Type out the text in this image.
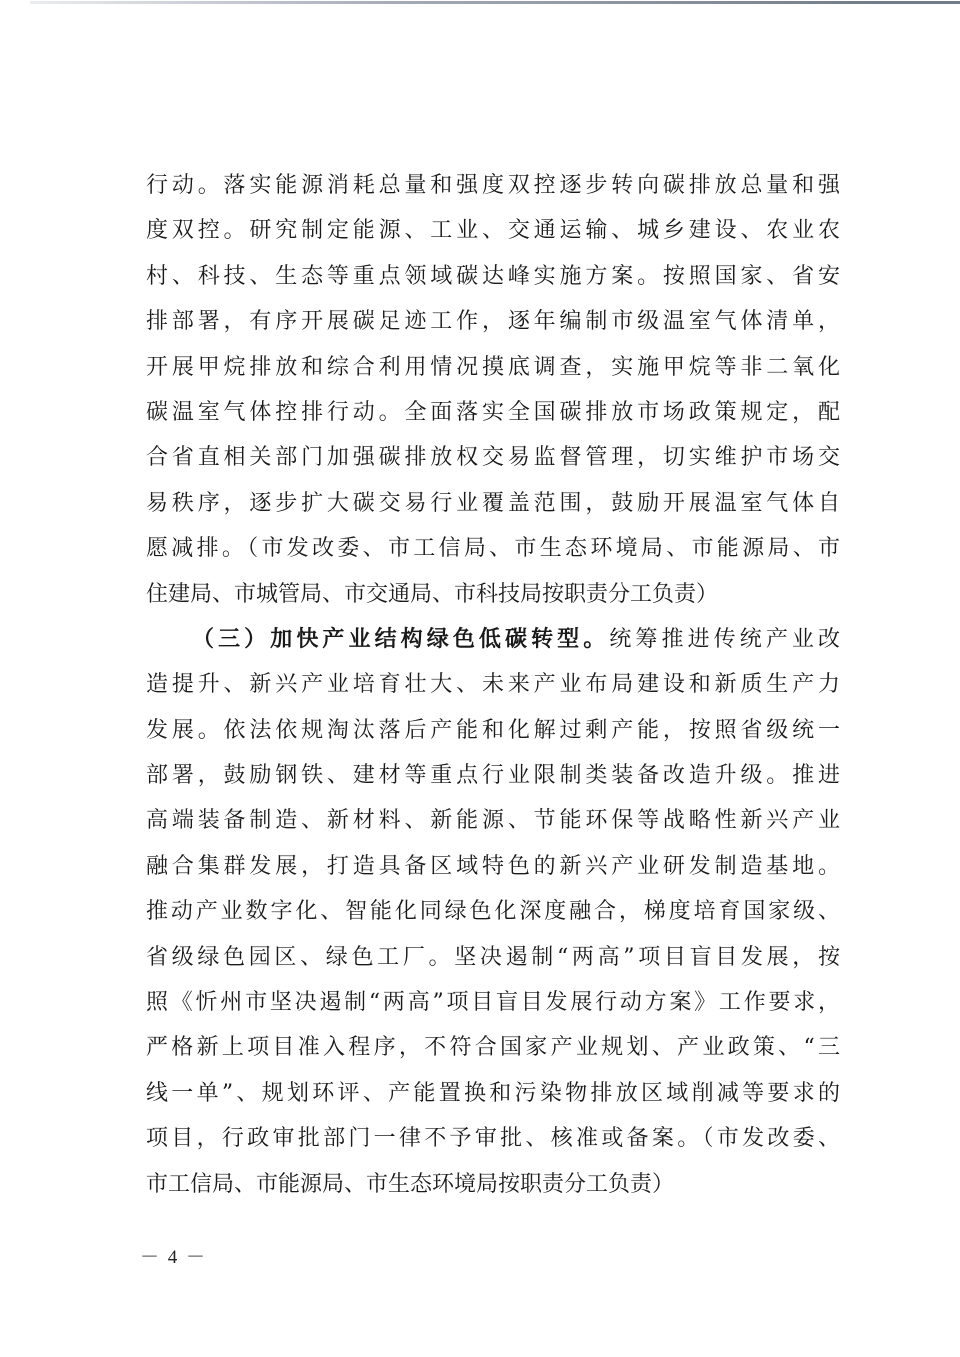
行动。落实能源消耗总量和强度双控逐步转向碳排放总量和强
度双控。研究制定能源、工业、交通运输、城乡建设、农业农
村、科技、生态等重点领域碳达峰实施方案。按照国家、省安
排部署，有序开展碳足迹工作，逐年编制市级温室气体清单，
开展甲烷排放和综合利用情况摸底调查，实施甲烷等非二氧化
碳温室气体控排行动。全面落实全国碳排放市场政策规定，配
合省直相关部门加强碳排放权交易监督管理，切实维护市场交
易秩序，逐步扩大碳交易行业覆盖范围，鼓励开展温室气体自
愿减排。（市发改委、市工信局、市生态环境局、市能源局、市
住建局、市城管局、市交通局、市科技局按职责分工负责）
（三）加快产业结构绿色低碳转型。统筹推进传统产业改
造提升、新兴产业培育壮大、未来产业布局建设和新质生产力
发展。依法依规淘汰落后产能和化解过剩产能，按照省级统一
部署，鼓励钢铁、建材等重点行业限制类装备改造升级。推进
高端装备制造、新材料、新能源、节能环保等战略性新兴产业
融合集群发展，打造具备区域特色的新兴产业研发制造基地。
推动产业数字化、智能化同绿色化深度融合，梯度培育国家级、
省级绿色园区、绿色工厂。坚决遏制“两高”项目盲目发展，按
照《忻州市坚决遏制“两高”项目盲目发展行动方案》工作要求，
严格新上项目准入程序，不符合国家产业规划、产业政策、“三
线一单”、规划环评、产能置换和污染物排放区域削减等要求的
项目，行政审批部门一律不予审批、核准或备案。（市发改委、
市工信局、市能源局、市生态环境局按职责分工负责）
－ 4 －
